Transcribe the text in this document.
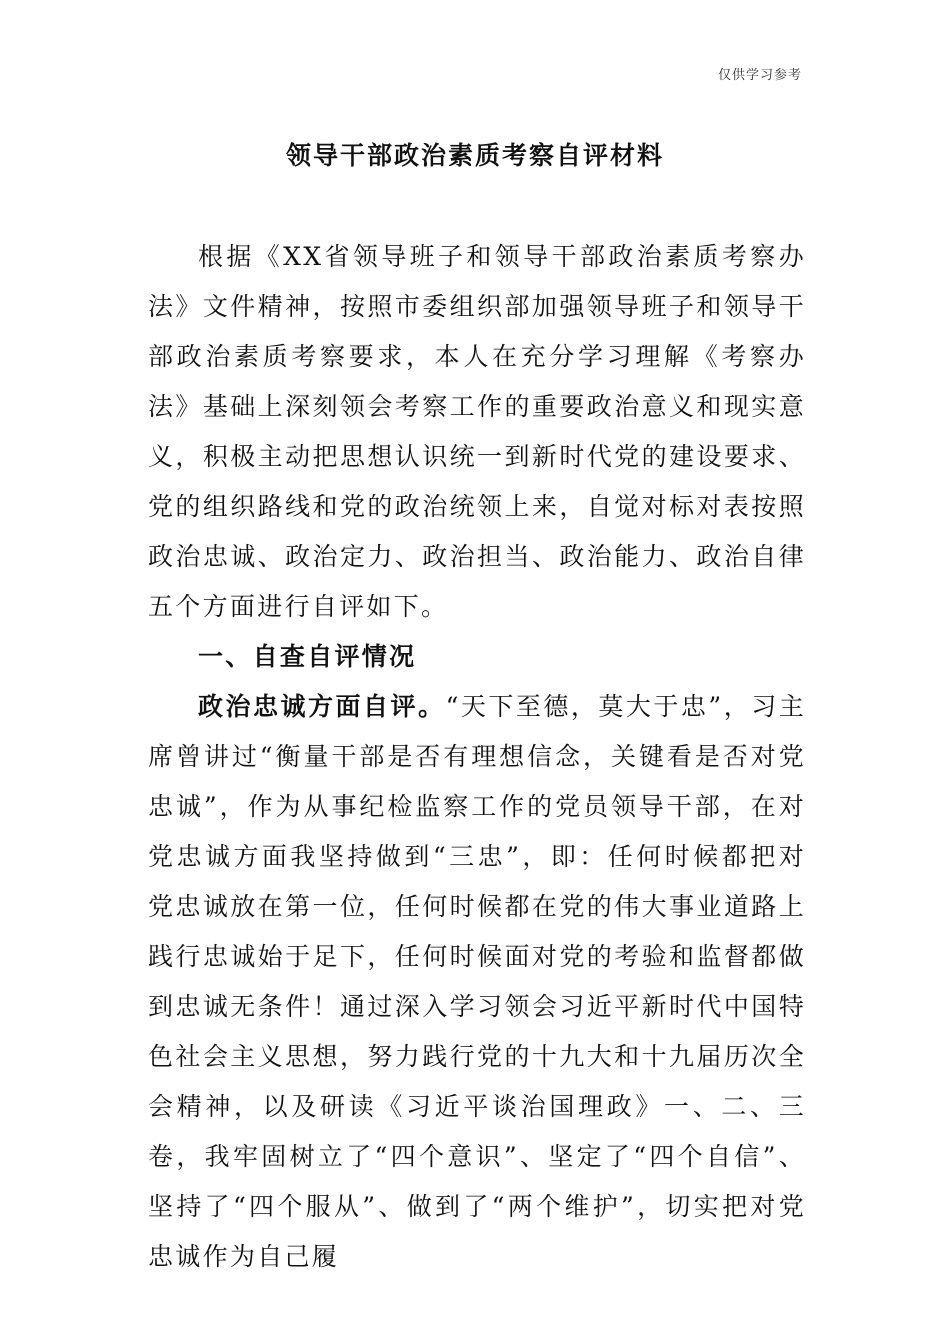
仅供学习参考
领导干部政治素质考察自评材料

根据《XX省领导班子和领导干部政治素质考察办法》文件精神，按照市委组织部加强领导班子和领导干部政治素质考察要求，本人在充分学习理解《考察办法》基础上深刻领会考察工作的重要政治意义和现实意义，积极主动把思想认识统一到新时代党的建设要求、党的组织路线和党的政治统领上来，自觉对标对表按照政治忠诚、政治定力、政治担当、政治能力、政治自律五个方面进行自评如下。

一、自查自评情况

政治忠诚方面自评。“天下至德，莫大于忠”，习主席曾讲过“衡量干部是否有理想信念，关键看是否对党忠诚”，作为从事纪检监察工作的党员领导干部，在对党忠诚方面我坚持做到“三忠”，即：任何时候都把对党忠诚放在第一位，任何时候都在党的伟大事业道路上践行忠诚始于足下，任何时候面对党的考验和监督都做到忠诚无条件！通过深入学习领会习近平新时代中国特色社会主义思想，努力践行党的十九大和十九届历次全会精神，以及研读《习近平谈治国理政》一、二、三卷，我牢固树立了“四个意识”、坚定了“四个自信”、坚持了“四个服从”、做到了“两个维护”，切实把对党忠诚作为自己履
